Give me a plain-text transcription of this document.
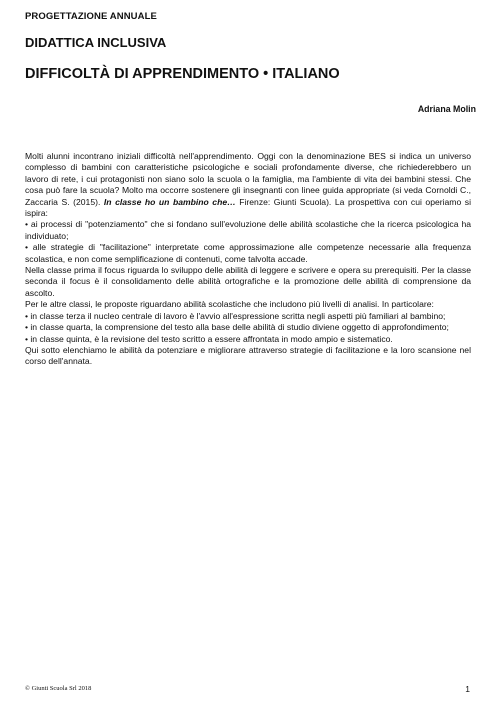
PROGETTAZIONE ANNUALE
DIDATTICA INCLUSIVA
DIFFICOLTÀ DI APPRENDIMENTO • ITALIANO
Adriana Molin

Molti alunni incontrano iniziali difficoltà nell'apprendimento. Oggi con la denominazione BES si indica un universo complesso di bambini con caratteristiche psicologiche e sociali profondamente diverse, che richiederebbero un lavoro di rete, i cui protagonisti non siano solo la scuola o la famiglia, ma l'ambiente di vita dei bambini stessi. Che cosa può fare la scuola? Molto ma occorre sostenere gli insegnanti con linee guida appropriate (si veda Cornoldi C., Zaccaria S. (2015). In classe ho un bambino che… Firenze: Giunti Scuola). La prospettiva con cui operiamo si ispira:

• ai processi di "potenziamento" che si fondano sull'evoluzione delle abilità scolastiche che la ricerca psicologica ha individuato;

• alle strategie di "facilitazione" interpretate come approssimazione alle competenze necessarie alla frequenza scolastica, e non come semplificazione di contenuti, come talvolta accade.

Nella classe prima il focus riguarda lo sviluppo delle abilità di leggere e scrivere e opera su prerequisiti. Per la classe seconda il focus è il consolidamento delle abilità ortografiche e la promozione delle abilità di comprensione da ascolto.

Per le altre classi, le proposte riguardano abilità scolastiche che includono più livelli di analisi. In particolare:

• in classe terza il nucleo centrale di lavoro è l'avvio all'espressione scritta negli aspetti più familiari al bambino;

• in classe quarta, la comprensione del testo alla base delle abilità di studio diviene oggetto di approfondimento;

• in classe quinta, è la revisione del testo scritto a essere affrontata in modo ampio e sistematico.

Qui sotto elenchiamo le abilità da potenziare e migliorare attraverso strategie di facilitazione e la loro scansione nel corso dell'annata.

© Giunti Scuola Srl 2018	1
